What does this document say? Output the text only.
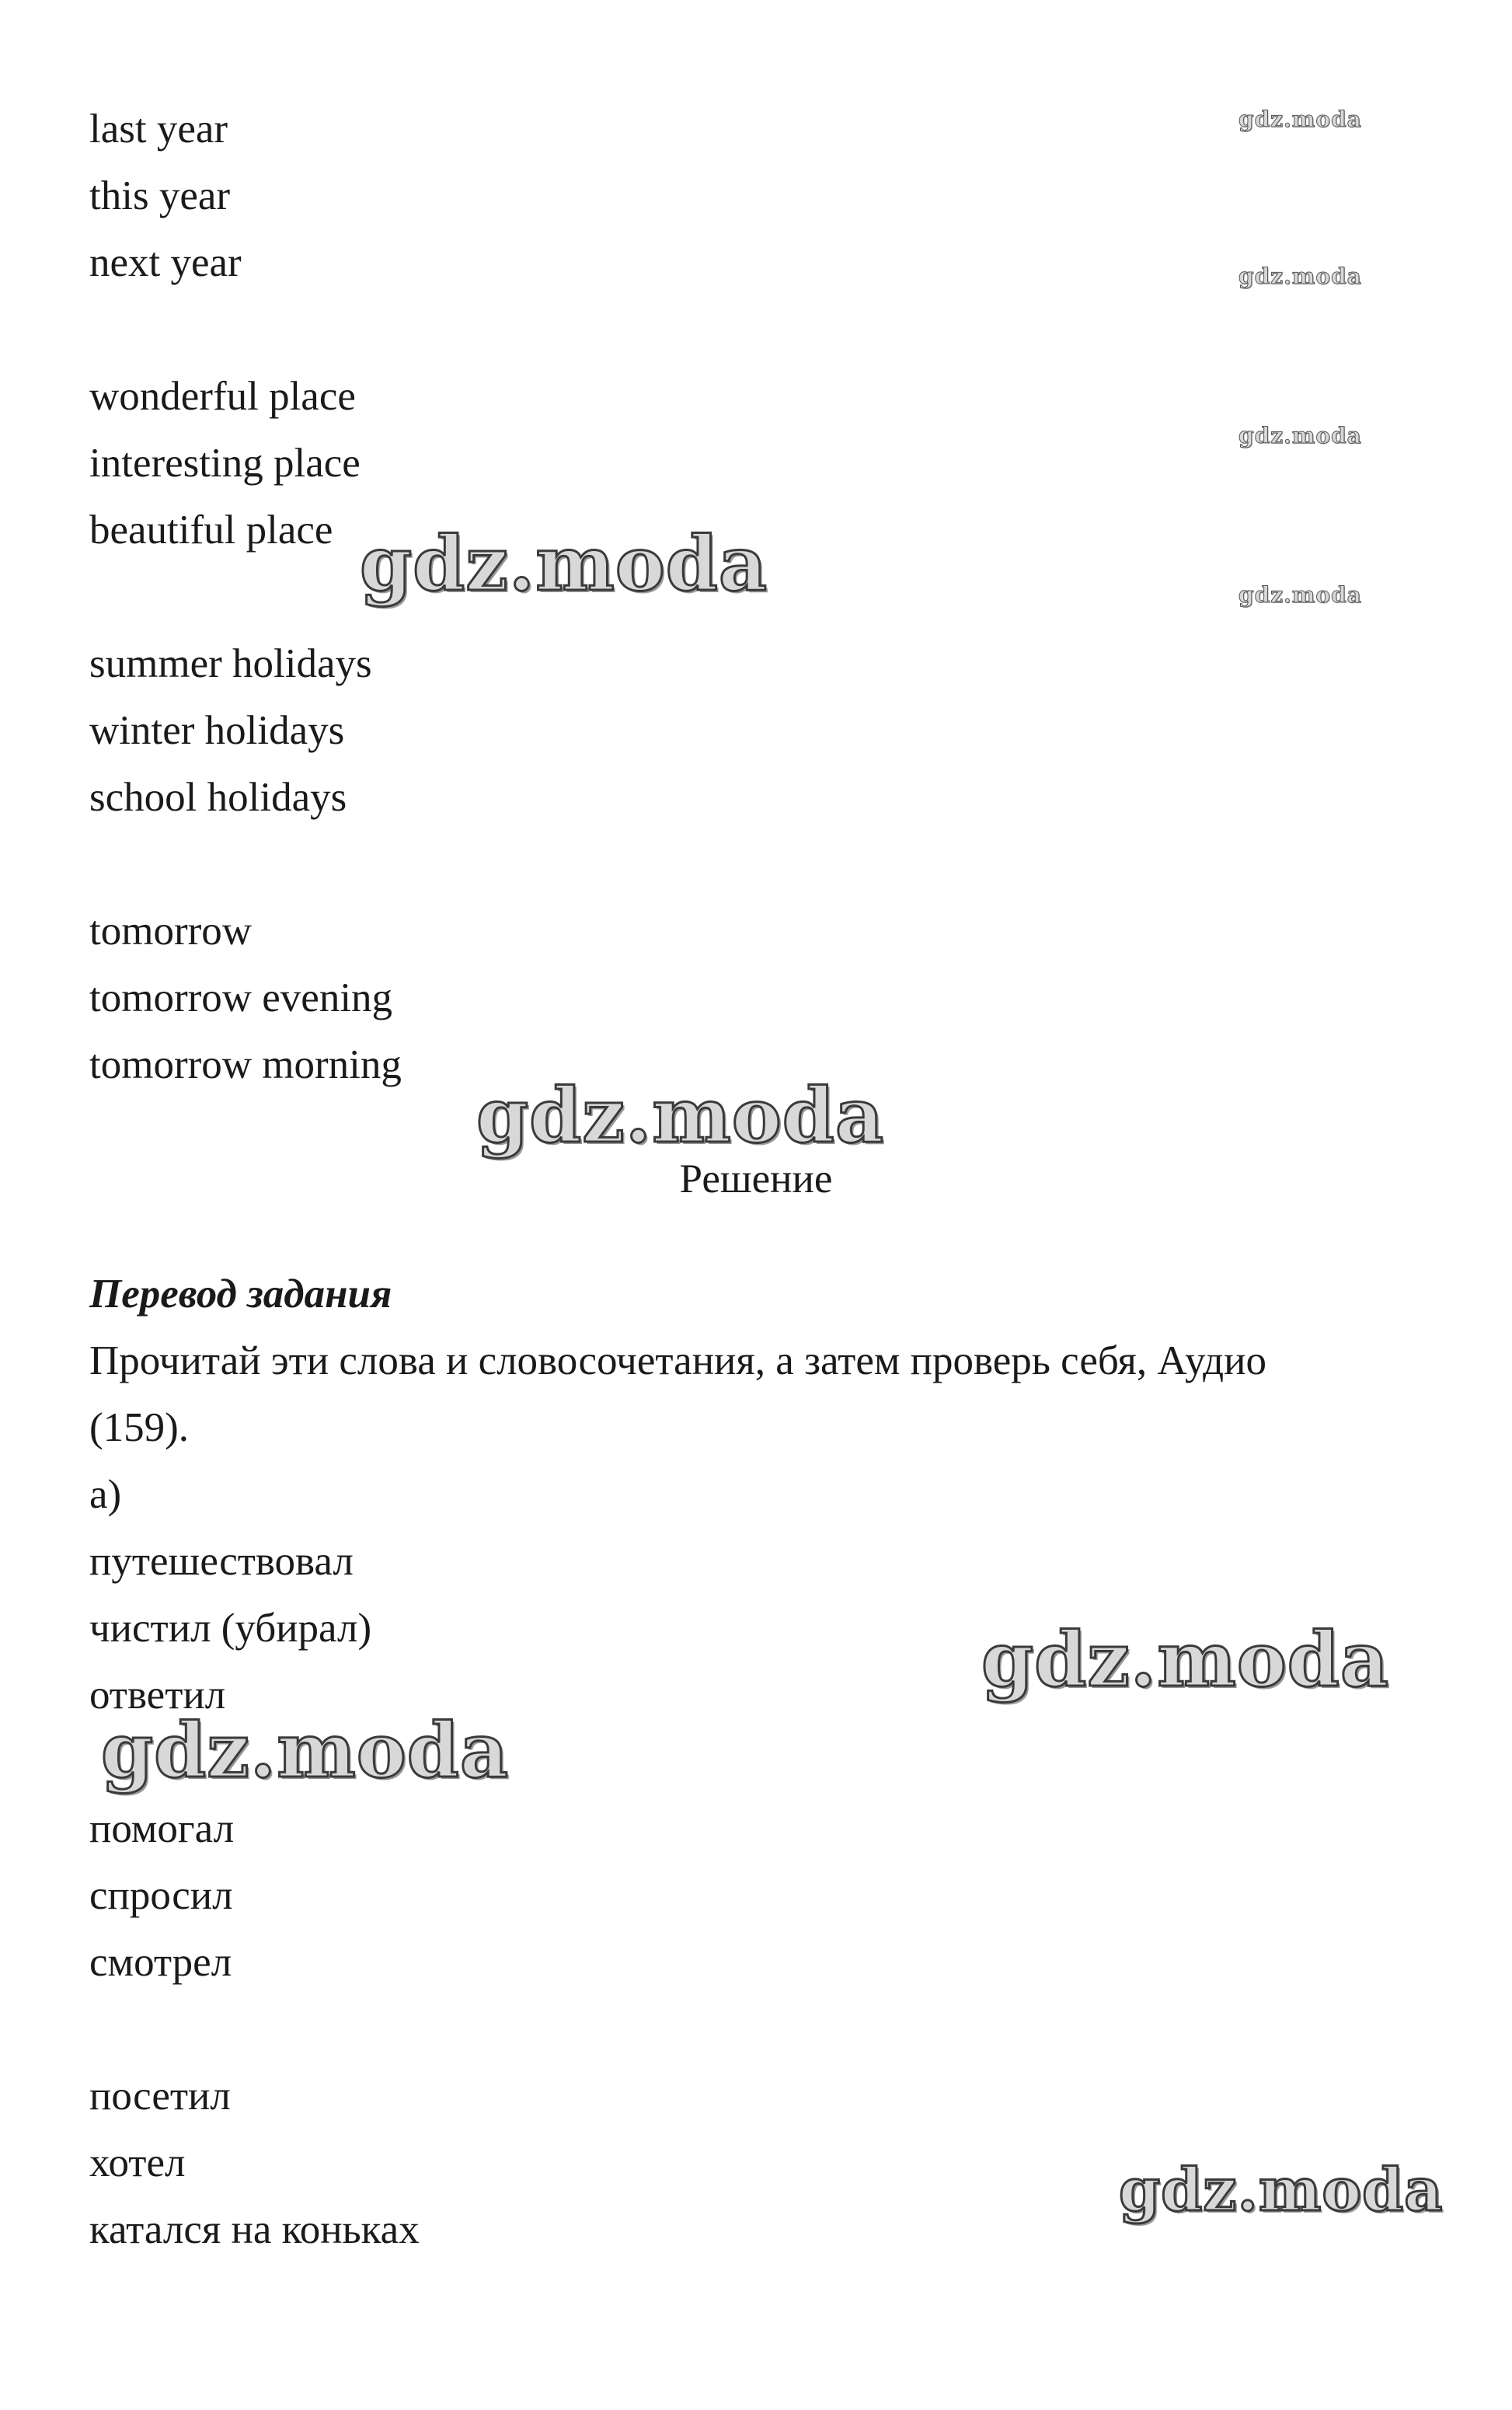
last year
this year
next year
wonderful place
interesting place
beautiful place
summer holidays
winter holidays
school holidays
tomorrow
tomorrow evening
tomorrow morning
Решение
Перевод задания
Прочитай эти слова и словосочетания, а затем проверь себя, Аудио
(159).
а)
путешествовал
чистил (убирал)
ответил
помогал
спросил
смотрел
посетил
хотел
катался на коньках
gdz.moda
gdz.moda
gdz.moda
gdz.moda
gdz.moda
gdz.moda
gdz.moda
gdz.moda
gdz.moda
